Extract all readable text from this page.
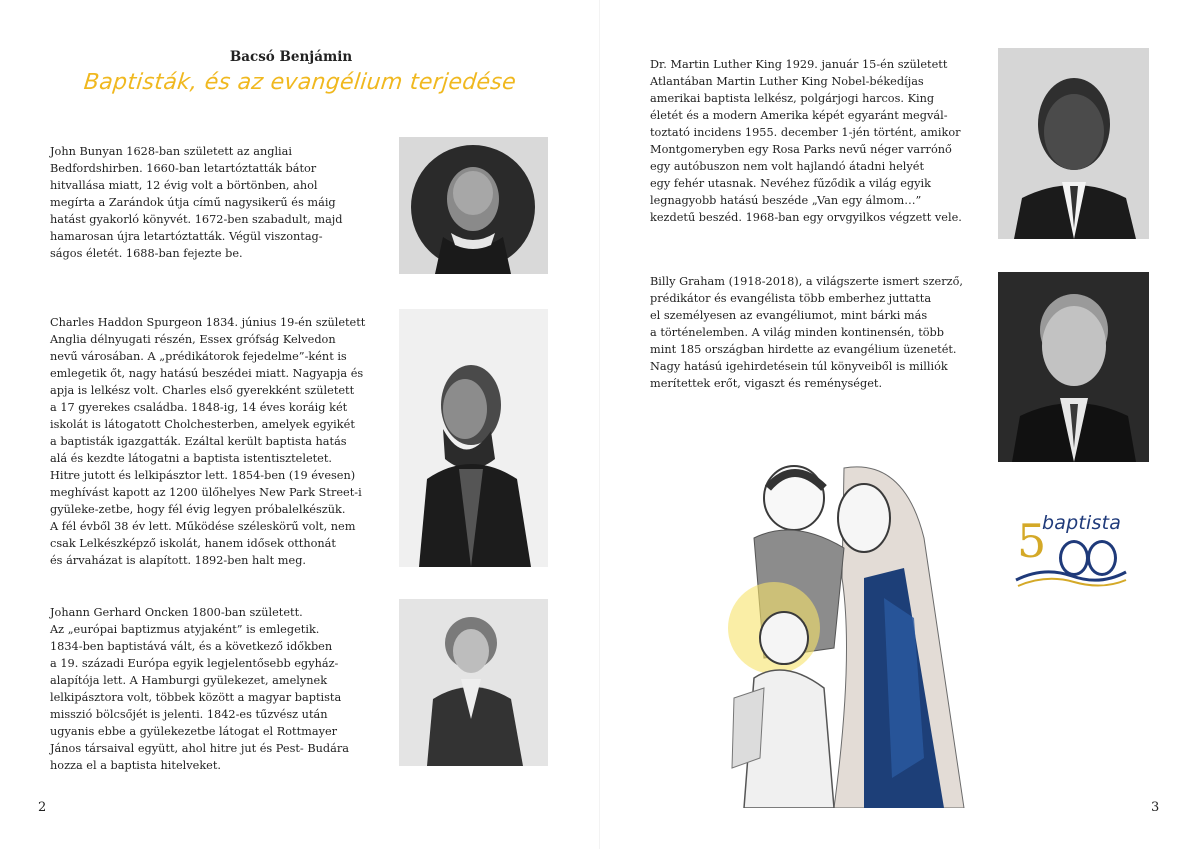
Bacsó Benjámin
Baptisták, és az evangélium terjedése

John Bunyan 1628-ban született az angliai
Bedfordshirben. 1660-ban letartóztatták bátor
hitvallása miatt, 12 évig volt a börtönben, ahol
megírta a Zarándok útja című nagysikerű és máig
hatást gyakorló könyvét. 1672-ben szabadult, majd
hamarosan újra letartóztatták. Végül viszontag-
ságos életét. 1688-ban fejezte be.

Charles Haddon Spurgeon 1834. június 19-én született
Anglia délnyugati részén, Essex grófság Kelvedon
nevű városában. A „prédikátorok fejedelme”-ként is
emlegetik őt, nagy hatású beszédei miatt. Nagyapja és
apja is lelkész volt. Charles első gyerekként született
a 17 gyerekes családba. 1848-ig, 14 éves koráig két
iskolát is látogatott Cholchesterben, amelyek egyikét
a baptisták igazgatták. Ezáltal került baptista hatás
alá és kezdte látogatni a baptista istentiszteletet.
Hitre jutott és lelkipásztor lett. 1854-ben (19 évesen)
meghívást kapott az 1200 ülőhelyes New Park Street-i
gyüleke-zetbe, hogy fél évig legyen próbalelkészük.
A fél évből 38 év lett. Működése széleskörű volt, nem
csak Lelkészképző iskolát, hanem idősek otthonát
és árvaházat is alapított. 1892-ben halt meg.

Johann Gerhard Oncken 1800-ban született.
Az „európai baptizmus atyjaként” is emlegetik.
1834-ben baptistává vált, és a következő időkben
a 19. századi Európa egyik legjelentősebb egyház-
alapítója lett. A Hamburgi gyülekezet, amelynek
lelkipásztora volt, többek között a magyar baptista
misszió bölcsőjét is jelenti. 1842-es tűzvész után
ugyanis ebbe a gyülekezetbe látogat el Rottmayer
János társaival együtt, ahol hitre jut és Pest- Budára
hozza el a baptista hitelveket.

2	3

Dr. Martin Luther King 1929. január 15-én született
Atlantában Martin Luther King Nobel-békedíjas
amerikai baptista lelkész, polgárjogi harcos. King
életét és a modern Amerika képét egyaránt megvál-
toztató incidens 1955. december 1-jén történt, amikor
Montgomeryben egy Rosa Parks nevű néger varrónő
egy autóbuszon nem volt hajlandó átadni helyét
egy fehér utasnak. Nevéhez fűződik a világ egyik
legnagyobb hatású beszéde „Van egy álmom…”
kezdetű beszéd. 1968-ban egy orvgyilkos végzett vele.

Billy Graham (1918-2018), a világszerte ismert szerző,
prédikátor és evangélista több emberhez juttatta
el személyesen az evangéliumot, mint bárki más
a történelemben. A világ minden kontinensén, több
mint 185 országban hirdette az evangélium üzenetét.
Nagy hatású igehirdetésein túl könyveiből is milliók
merítettek erőt, vigaszt és reménységet.

5
baptista
